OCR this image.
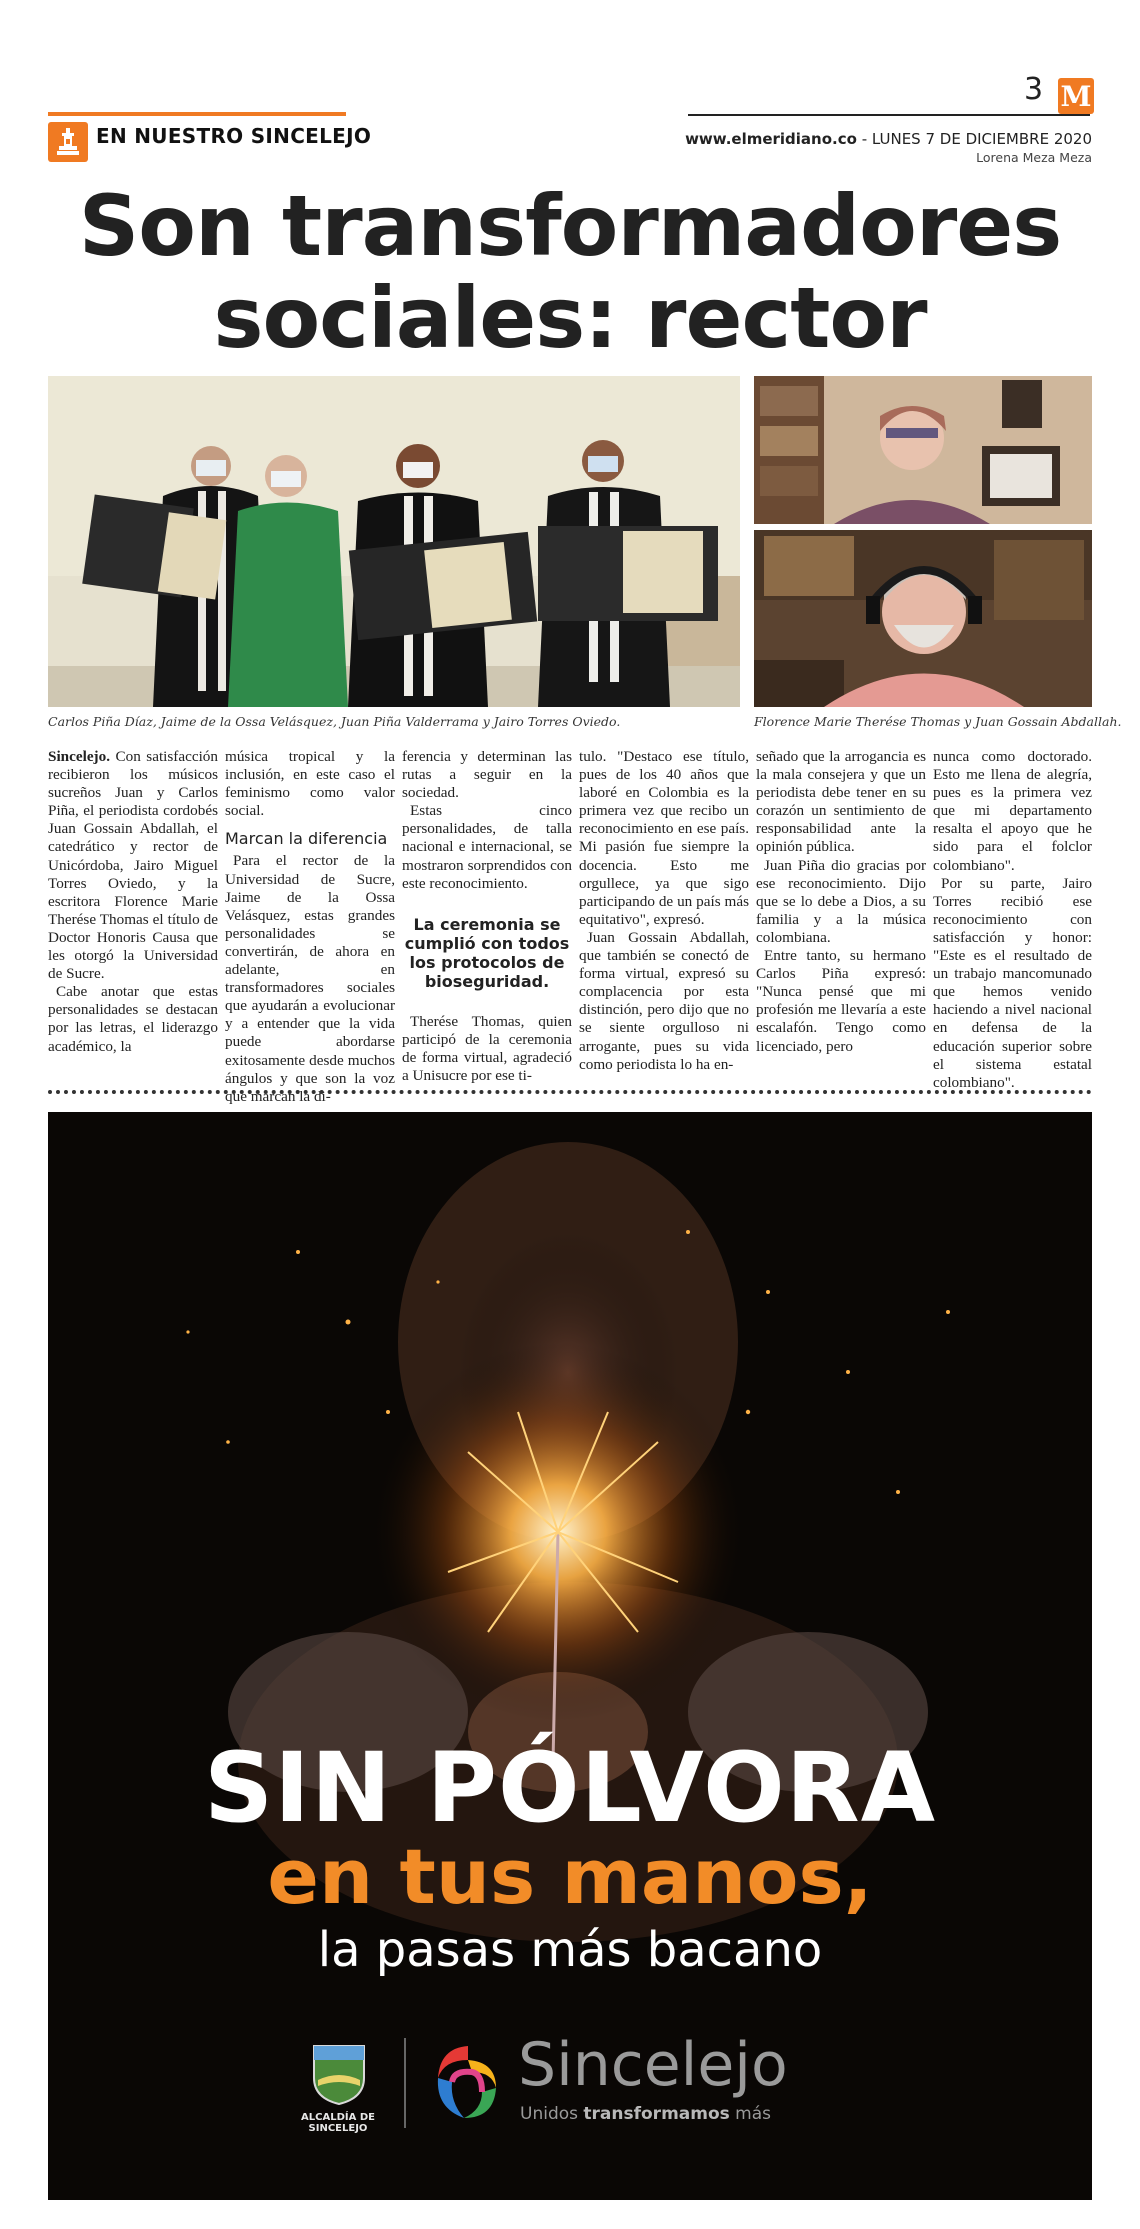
EN NUESTRO SINCELEJO
3 M
www.elmeridiano.co - LUNES 7 DE DICIEMBRE 2020
Lorena Meza Meza
Son transformadores
sociales: rector
Carlos Piña Díaz, Jaime de la Ossa Velásquez, Juan Piña Valderrama y Jairo Torres Oviedo.	Florence Marie Therése Thomas y Juan Gossain Abdallah.

Sincelejo. Con satisfacción recibieron los músicos sucreños Juan y Carlos Piña, el periodista cordobés Juan Gossain Abdallah, el catedrático y rector de Unicórdoba, Jairo Miguel Torres Oviedo, y la escritora Florence Marie Therése Thomas el título de Doctor Honoris Causa que les otorgó la Universidad de Sucre.

Cabe anotar que estas personalidades se destacan por las letras, el liderazgo académico, la

música tropical y la inclusión, en este caso el feminismo como valor social.

Marcan la diferencia

Para el rector de la Universidad de Sucre, Jaime de la Ossa Velásquez, estas grandes personalidades se convertirán, de ahora en adelante, en transformadores sociales que ayudarán a evolucionar y a entender que la vida puede abordarse exitosamente desde muchos ángulos y que son la voz que marcan la di-

ferencia y determinan las rutas a seguir en la sociedad.

Estas cinco personalidades, de talla nacional e internacional, se mostraron sorprendidos con este reconocimiento.

La ceremonia se cumplió con todos los protocolos de bioseguridad.

Therése Thomas, quien participó de la ceremonia de forma virtual, agradeció a Unisucre por ese ti-

tulo. "Destaco ese título, pues de los 40 años que laboré en Colombia es la primera vez que recibo un reconocimiento en ese país. Mi pasión fue siempre la docencia. Esto me orgullece, ya que sigo participando de un país más equitativo", expresó.

Juan Gossain Abdallah, que también se conectó de forma virtual, expresó su complacencia por esta distinción, pero dijo que no se siente orgulloso ni arrogante, pues su vida como periodista lo ha en-

señado que la arrogancia es la mala consejera y que un periodista debe tener en su corazón un sentimiento de responsabilidad ante la opinión pública.

Juan Piña dio gracias por ese reconocimiento. Dijo que se lo debe a Dios, a su familia y a la música colombiana.

Entre tanto, su hermano Carlos Piña expresó: "Nunca pensé que mi profesión me llevaría a este escalafón. Tengo como licenciado, pero

nunca como doctorado. Esto me llena de alegría, pues es la primera vez que mi departamento resalta el apoyo que he sido para el folclor colombiano".

Por su parte, Jairo Torres recibió ese reconocimiento con satisfacción y honor: "Este es el resultado de un trabajo mancomunado que hemos venido haciendo a nivel nacional en defensa de la educación superior sobre el sistema estatal colombiano".

SIN PÓLVORA
en tus manos,
la pasas más bacano
ALCALDÍA DE SINCELEJO
Sincelejo
Unidos transformamos más
